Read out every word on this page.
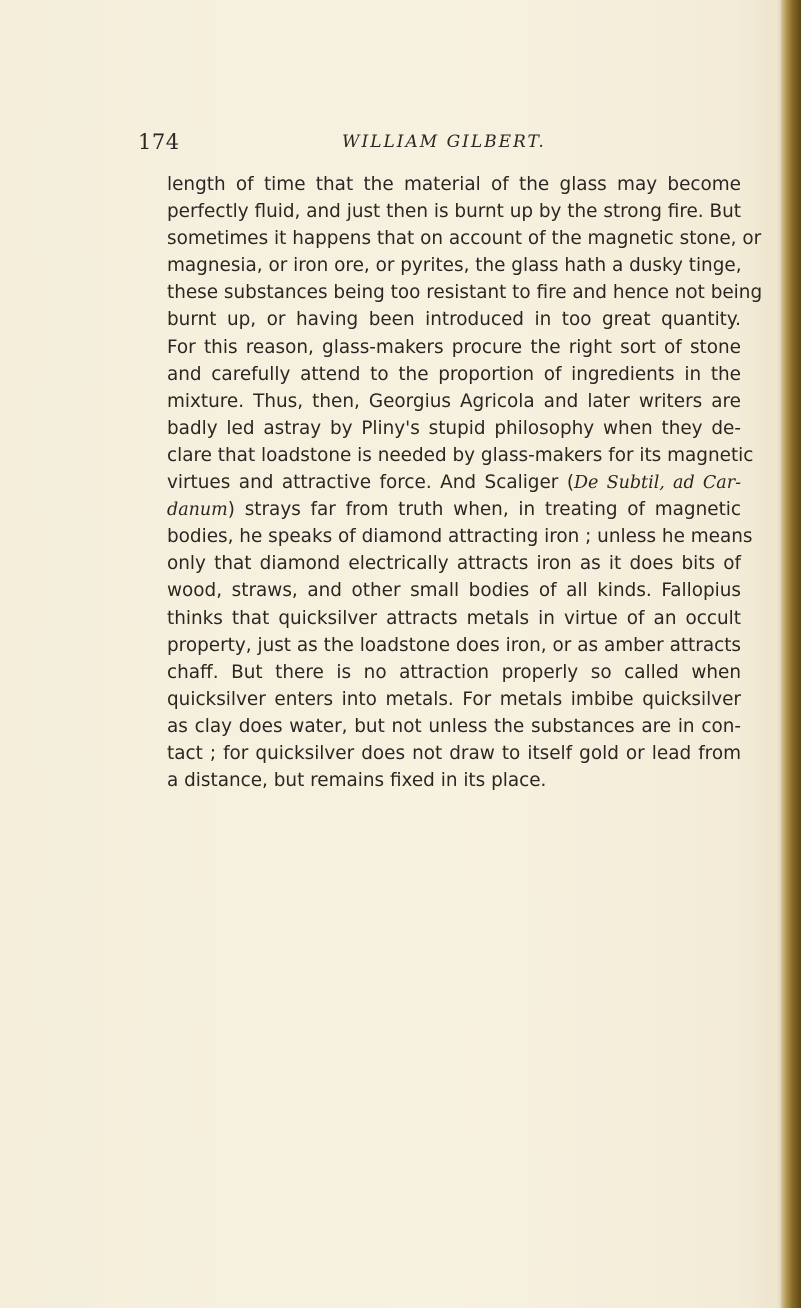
174	WILLIAM GILBERT.
length of time that the material of the glass may become
perfectly fluid, and just then is burnt up by the strong fire. But
sometimes it happens that on account of the magnetic stone, or
magnesia, or iron ore, or pyrites, the glass hath a dusky tinge,
these substances being too resistant to fire and hence not being
burnt up, or having been introduced in too great quantity.
For this reason, glass-makers procure the right sort of stone
and carefully attend to the proportion of ingredients in the
mixture. Thus, then, Georgius Agricola and later writers are
badly led astray by Pliny's stupid philosophy when they de-
clare that loadstone is needed by glass-makers for its magnetic
virtues and attractive force. And Scaliger (De Subtil, ad Car-
danum) strays far from truth when, in treating of magnetic
bodies, he speaks of diamond attracting iron ; unless he means
only that diamond electrically attracts iron as it does bits of
wood, straws, and other small bodies of all kinds. Fallopius
thinks that quicksilver attracts metals in virtue of an occult
property, just as the loadstone does iron, or as amber attracts
chaff. But there is no attraction properly so called when
quicksilver enters into metals. For metals imbibe quicksilver
as clay does water, but not unless the substances are in con-
tact ; for quicksilver does not draw to itself gold or lead from
a distance, but remains fixed in its place.
